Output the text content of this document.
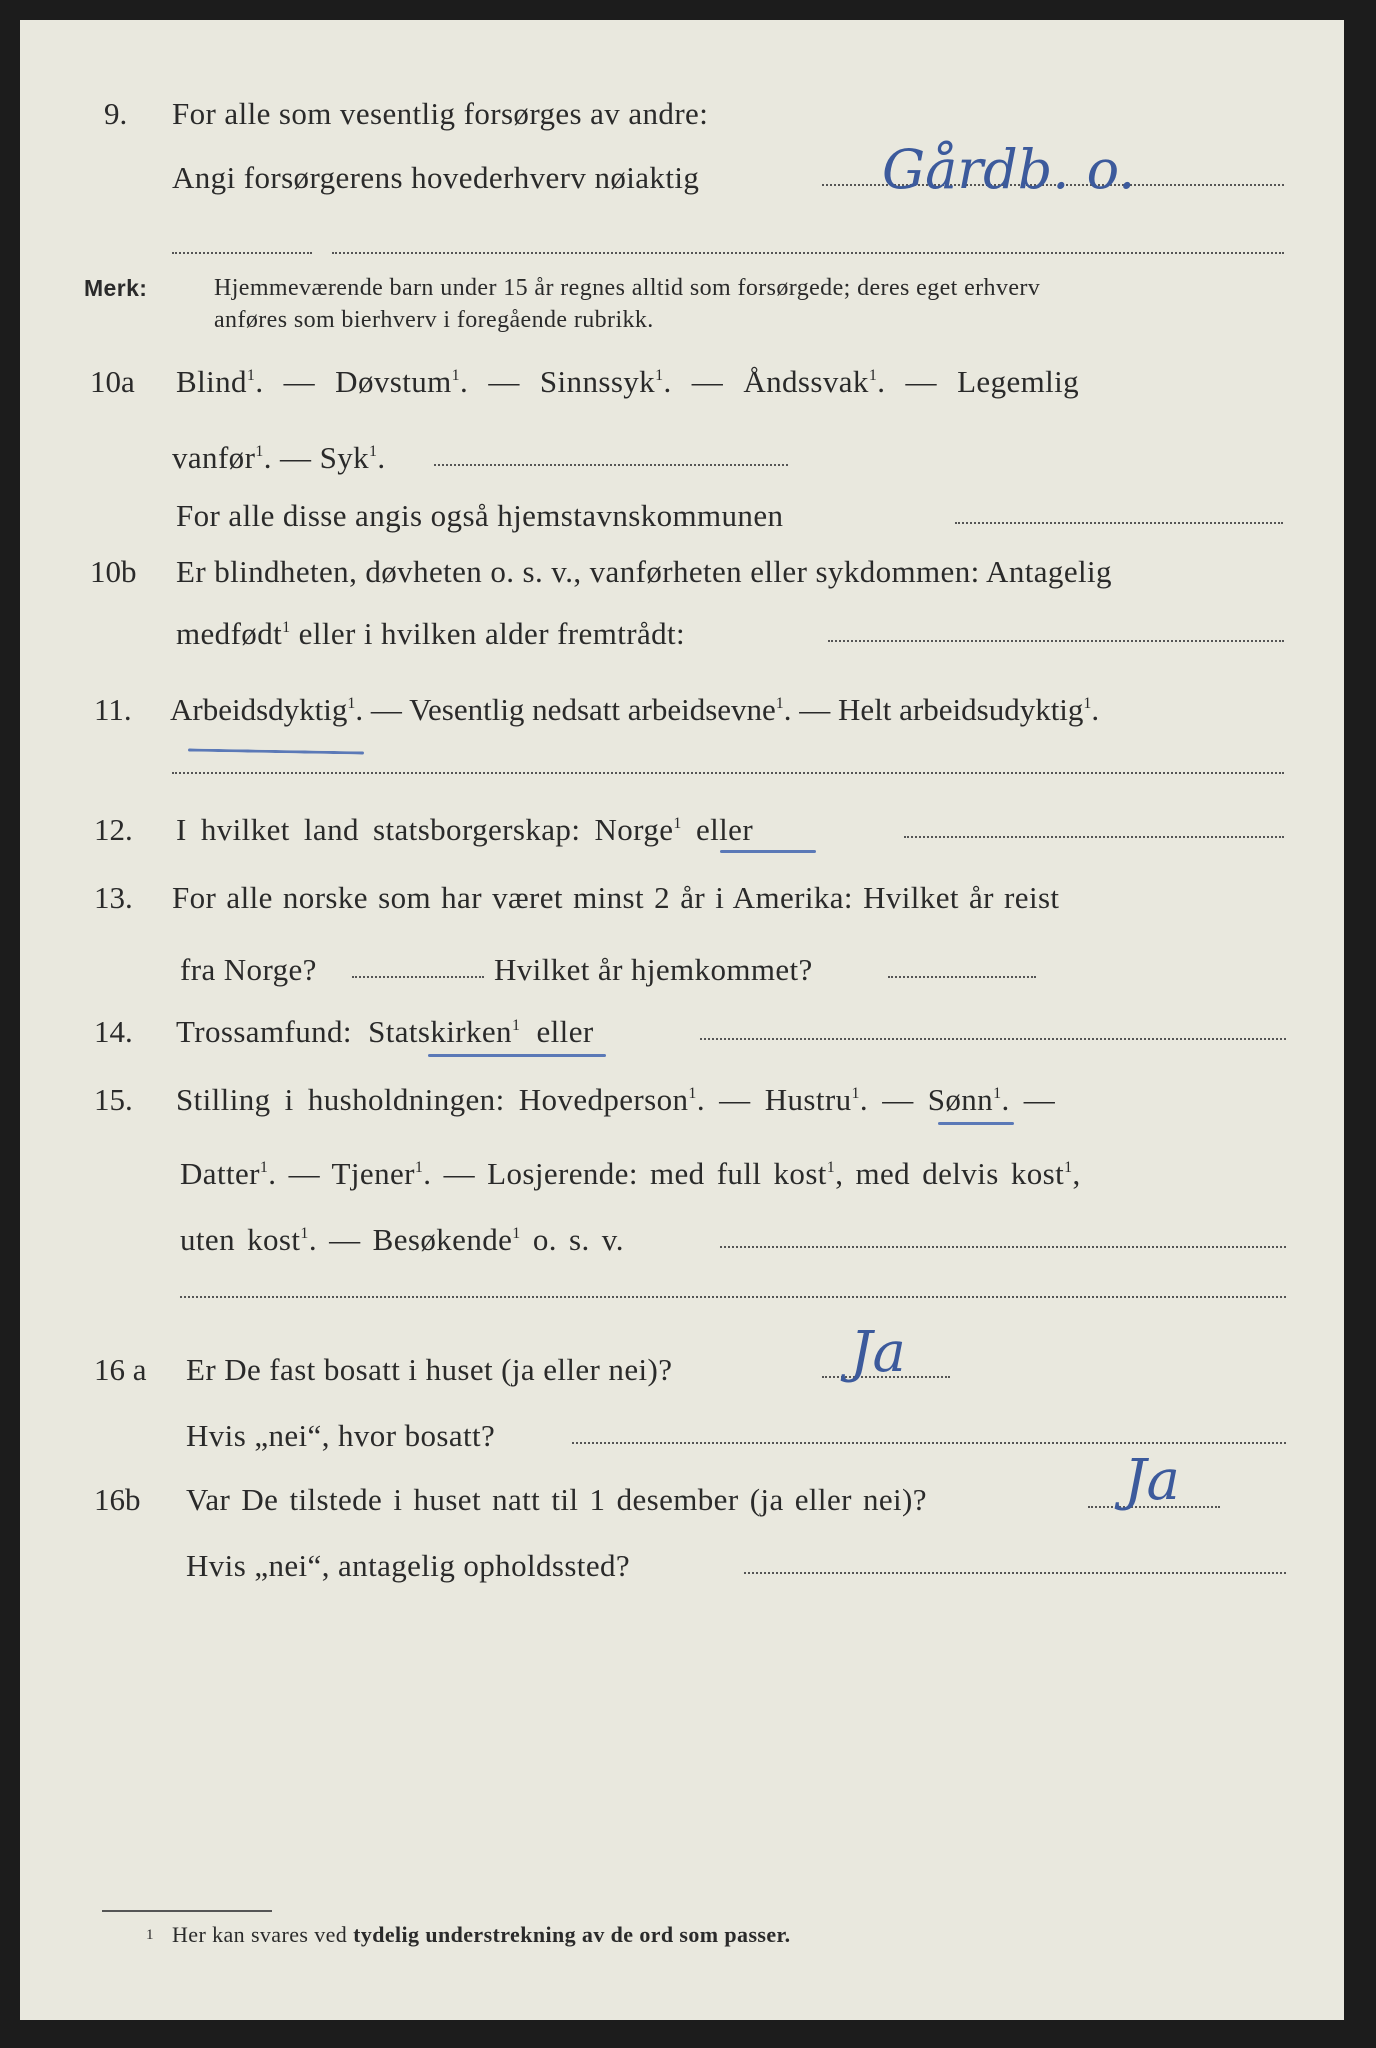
9. For alle som vesentlig forsørges av andre:
Angi forsørgerens hovederhverv nøiaktig	Gårdb. o.
Merk:	Hjemmeværende barn under 15 år regnes alltid som forsørgede; deres eget erhverv
anføres som bierhverv i foregående rubrikk.
10a Blind$^1$. — Døvstum$^1$. — Sinnssyk$^1$. — Åndssvak$^1$. — Legemlig
vanfør$^1$. — Syk$^1$.
For alle disse angis også hjemstavnskommunen
10b Er blindheten, døvheten o. s. v., vanførheten eller sykdommen: Antagelig
medfødt$^1$ eller i hvilken alder fremtrådt:
11. Arbeidsdyktig$^1$. — Vesentlig nedsatt arbeidsevne$^1$. — Helt arbeidsudyktig$^1$.
12. I hvilket land statsborgerskap: Norge$^1$ eller
13. For alle norske som har været minst 2 år i Amerika: Hvilket år reist
fra Norge?	Hvilket år hjemkommet?
14. Trossamfund: Statskirken$^1$ eller
15. Stilling i husholdningen: Hovedperson$^1$. — Hustru$^1$. — Sønn$^1$. —
Datter$^1$. — Tjener$^1$. — Losjerende: med full kost$^1$, med delvis kost$^1$,
uten kost$^1$. — Besøkende$^1$ o. s. v.
16 a Er De fast bosatt i huset (ja eller nei)?	Ja
Hvis „nei“, hvor bosatt?
16b Var De tilstede i huset natt til 1 desember (ja eller nei)?	Ja
Hvis „nei“, antagelig opholdssted?
1 Her kan svares ved tydelig understrekning av de ord som passer.
